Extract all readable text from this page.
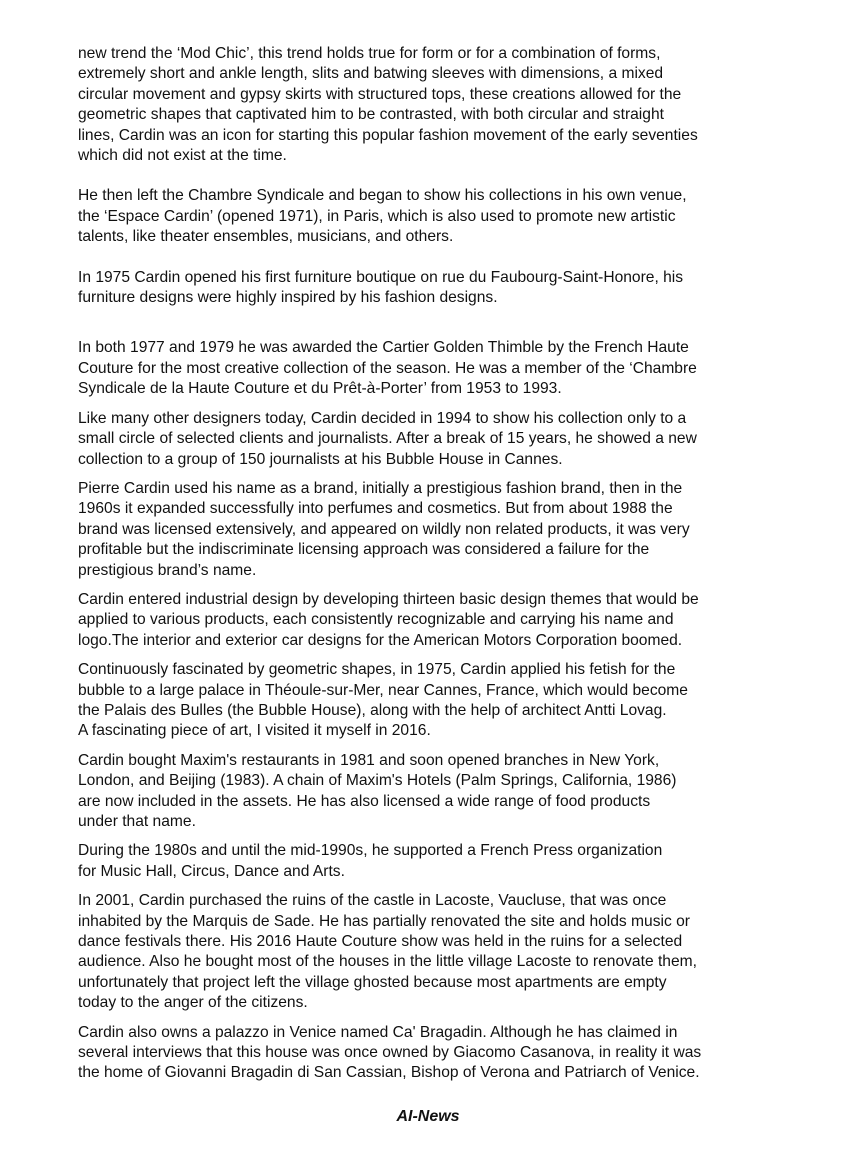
new trend the ‘Mod Chic’, this trend holds true for form or for a combination of forms,
extremely short and ankle length, slits and batwing sleeves with dimensions, a mixed
circular movement and gypsy skirts with structured tops, these creations allowed for the
geometric shapes that captivated him to be contrasted, with both circular and straight
lines, Cardin was an icon for starting this popular fashion movement of the early seventies
which did not exist at the time.

He then left the Chambre Syndicale and began to show his collections in his own venue,
the ‘Espace Cardin’ (opened 1971), in Paris, which is also used to promote new artistic
talents, like theater ensembles, musicians, and others.

In 1975 Cardin opened his first furniture boutique on rue du Faubourg-Saint-Honore, his
furniture designs were highly inspired by his fashion designs.

In both 1977 and 1979 he was awarded the Cartier Golden Thimble by the French Haute
Couture for the most creative collection of the season. He was a member of the ‘Chambre
Syndicale de la Haute Couture et du Prêt-à-Porter’ from 1953 to 1993.

Like many other designers today, Cardin decided in 1994 to show his collection only to a
small circle of selected clients and journalists. After a break of 15 years, he showed a new
collection to a group of 150 journalists at his Bubble House in Cannes.

Pierre Cardin used his name as a brand, initially a prestigious fashion brand, then in the
1960s it expanded successfully into perfumes and cosmetics. But from about 1988 the
brand was licensed extensively, and appeared on wildly non related products, it was very
profitable but the indiscriminate licensing approach was considered a failure for the
prestigious brand’s name.

Cardin entered industrial design by developing thirteen basic design themes that would be
applied to various products, each consistently recognizable and carrying his name and
logo.The interior and exterior car designs for the American Motors Corporation boomed.

Continuously fascinated by geometric shapes, in 1975, Cardin applied his fetish for the
bubble to a large palace in Théoule-sur-Mer, near Cannes, France, which would become
the Palais des Bulles (the Bubble House), along with the help of architect Antti Lovag.
A fascinating piece of art, I visited it myself in 2016.

Cardin bought Maxim's restaurants in 1981 and soon opened branches in New York,
London, and Beijing (1983). A chain of Maxim's Hotels (Palm Springs, California, 1986)
are now included in the assets. He has also licensed a wide range of food products
under that name.

During the 1980s and until the mid-1990s, he supported a French Press organization
for Music Hall, Circus, Dance and Arts.

In 2001, Cardin purchased the ruins of the castle in Lacoste, Vaucluse, that was once
inhabited by the Marquis de Sade. He has partially renovated the site and holds music or
dance festivals there. His 2016 Haute Couture show was held in the ruins for a selected
audience. Also he bought most of the houses in the little village Lacoste to renovate them,
unfortunately that project left the village ghosted because most apartments are empty
today to the anger of the citizens.

Cardin also owns a palazzo in Venice named Ca' Bragadin. Although he has claimed in
several interviews that this house was once owned by Giacomo Casanova, in reality it was
the home of Giovanni Bragadin di San Cassian, Bishop of Verona and Patriarch of Venice.

AI-News
